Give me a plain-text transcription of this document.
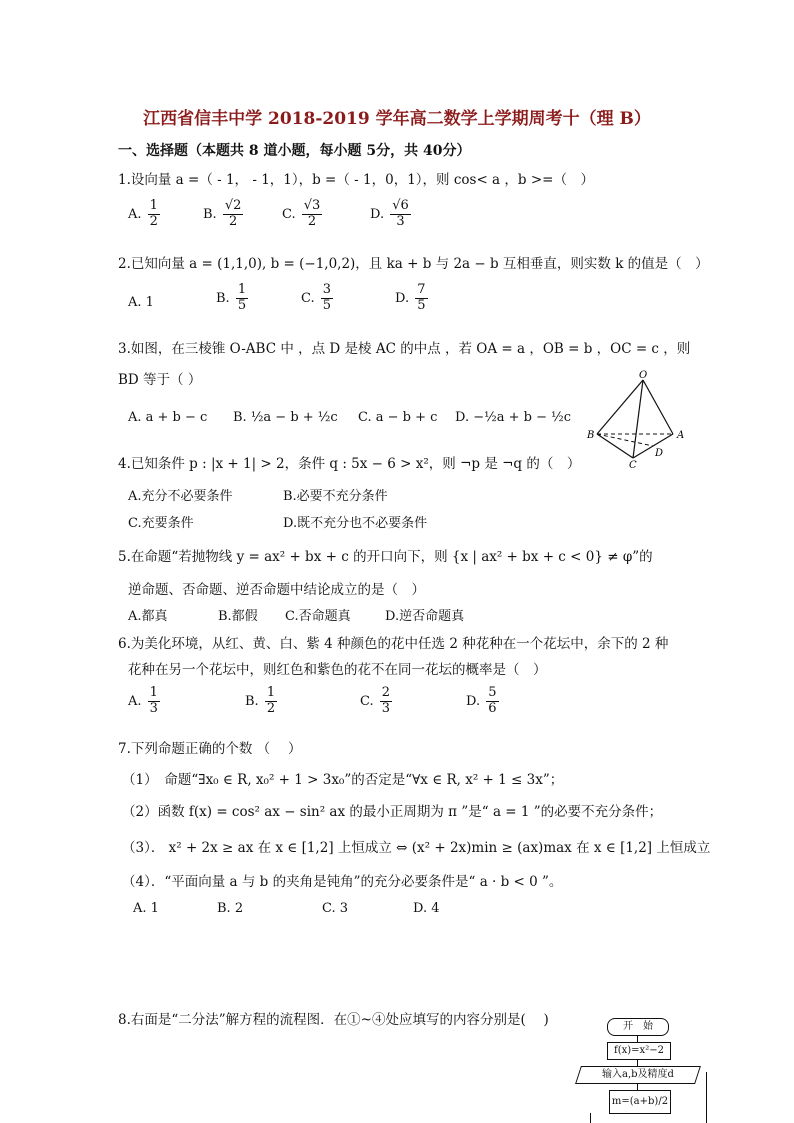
江西省信丰中学 2018-2019 学年高二数学上学期周考十（理 B）
一、选择题（本题共 8 道小题，每小题 5分，共 40分）
1.设向量 a =（ - 1， - 1，1），b =（ - 1，0，1），则 cos< a ，b >=（　）
A. $\frac{1}{2}$	B. $\frac{√2}{2}$	C. $\frac{√3}{2}$	D. $\frac{√6}{3}$
2.已知向量 a = (1,1,0), b = (−1,0,2)，且 ka + b 与 2a − b 互相垂直，则实数 k 的值是（　）
A. 1	B. $\frac{1}{5}$	C. $\frac{3}{5}$	D. $\frac{7}{5}$
3.如图，在三棱锥 O-ABC 中 ，点 D 是棱 AC 的中点 ，若 OA = a ，OB = b ，OC = c ，则
BD 等于（ ）
A. a + b − c B. ½a − b + ½c C. a − b + c D. −½a + b − ½c
O
B	A
C
D
4.已知条件 p : |x + 1| > 2，条件 q : 5x − 6 > x²，则 ¬p 是 ¬q 的（　）
A.充分不必要条件	B.必要不充分条件
C.充要条件	D.既不充分也不必要条件
5.在命题“若抛物线 y = ax² + bx + c 的开口向下，则 {x | ax² + bx + c < 0} ≠ φ”的
逆命题、否命题、逆否命题中结论成立的是（　）
A.都真	B.都假 C.否命题真	D.逆否命题真
6.为美化环境，从红、黄、白、紫 4 种颜色的花中任选 2 种花种在一个花坛中，余下的 2 种
花种在另一个花坛中，则红色和紫色的花不在同一花坛的概率是（　）
A. $\frac{1}{3}$	B. $\frac{1}{2}$	C. $\frac{2}{3}$	D. $\frac{5}{6}$
7.下列命题正确的个数 （　 ）
（1）　命题“∃x₀ ∈ R, x₀² + 1 > 3x₀”的否定是“∀x ∈ R, x² + 1 ≤ 3x”；
（2）函数 f(x) = cos² ax − sin² ax 的最小正周期为 π ”是“ a = 1 ”的必要不充分条件；
（3）． x² + 2x ≥ ax 在 x ∈ [1,2] 上恒成立 ⇔ (x² + 2x)min ≥ (ax)max 在 x ∈ [1,2] 上恒成立
（4）．“平面向量 a 与 b 的夹角是钝角”的充分必要条件是“ a · b < 0 ”。
A. 1	B. 2	C. 3	D. 4
8.右面是“二分法”解方程的流程图．在①~④处应填写的内容分别是(　 )	开　始
f(x)=x²−2
输入a,b及精度d
m=(a+b)/2
